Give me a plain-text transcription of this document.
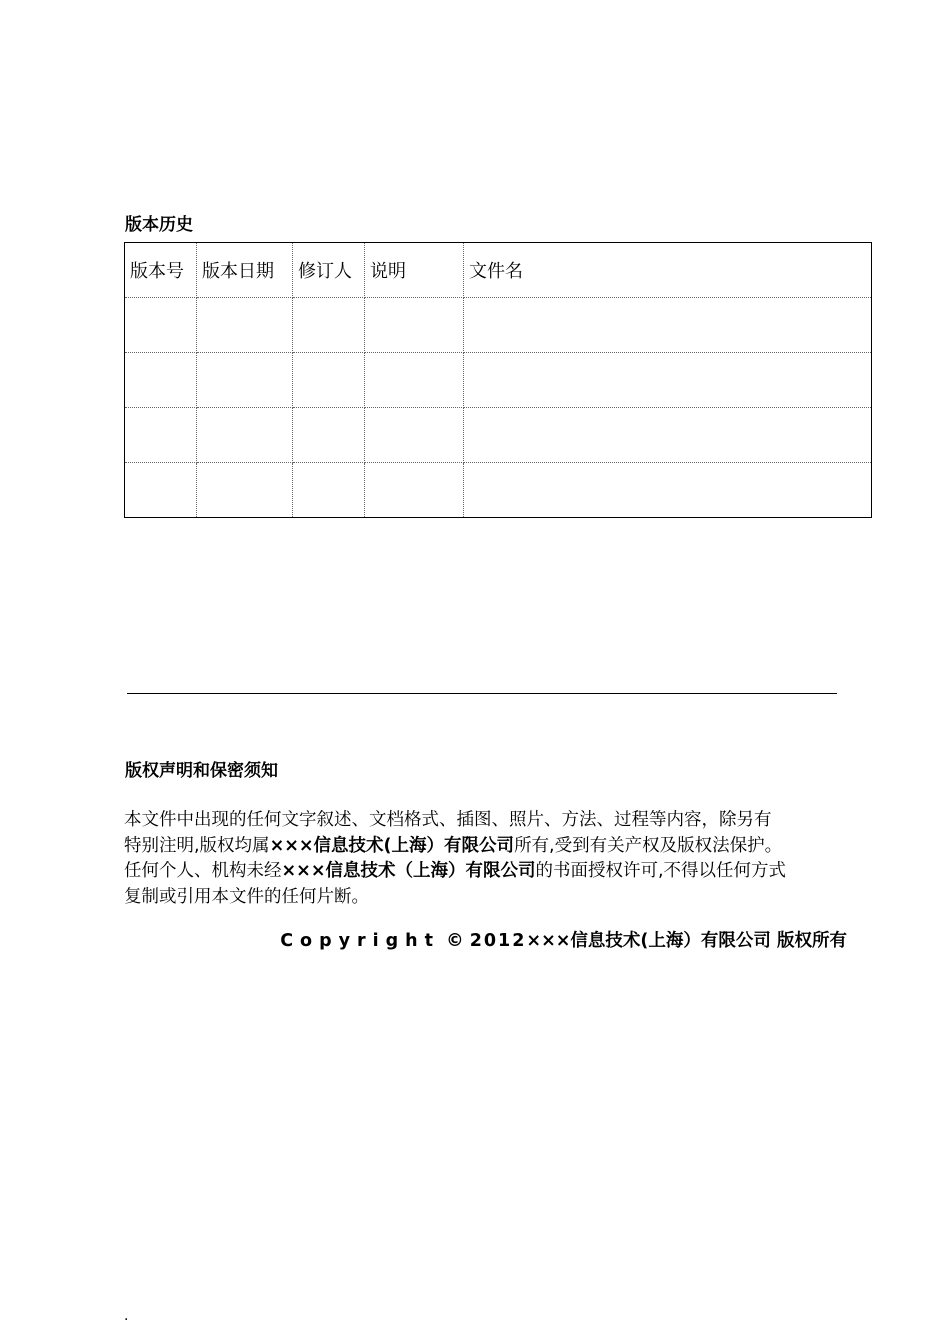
版本历史
版本号	版本日期	修订人	说明	文件名

版权声明和保密须知

本文件中出现的任何文字叙述、文档格式、插图、照片、方法、过程等内容，除另有
特别注明,版权均属×××信息技术(上海）有限公司所有,受到有关产权及版权法保护。
任何个人、机构未经×××信息技术（上海）有限公司的书面授权许可,不得以任何方式
复制或引用本文件的任何片断。

Copyright © 2012×××信息技术(上海）有限公司 版权所有
.
